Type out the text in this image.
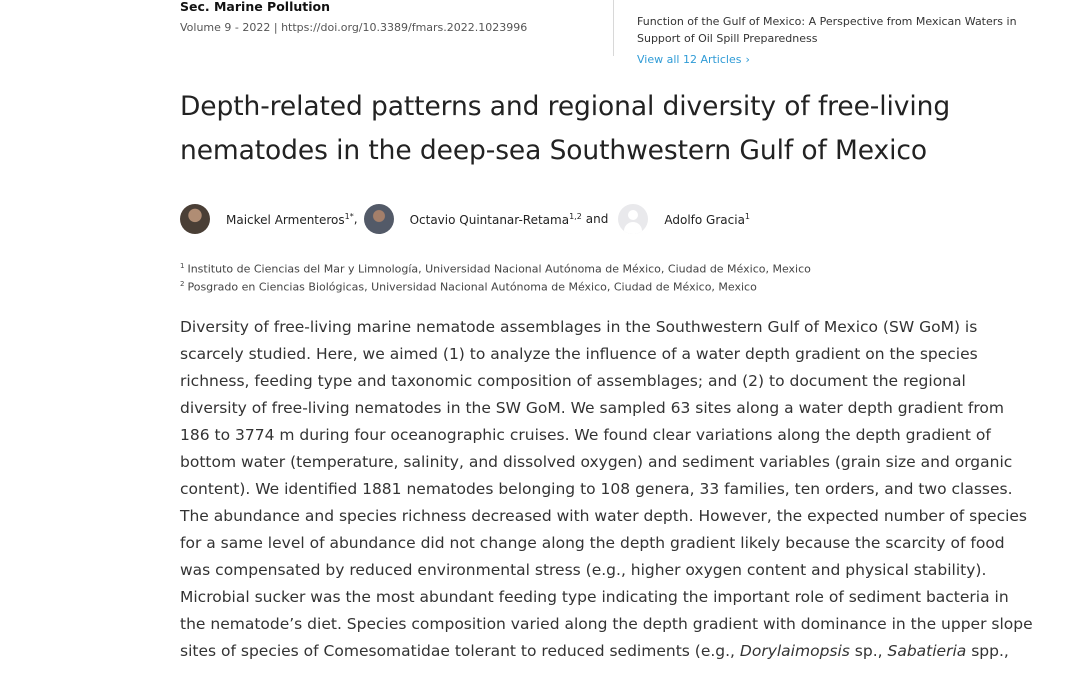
Sec. Marine Pollution
Volume 9 - 2022 | https://doi.org/10.3389/fmars.2022.1023996	Function of the Gulf of Mexico: A Perspective from Mexican Waters in
Support of Oil Spill Preparedness
View all 12 Articles ›
Depth-related patterns and regional diversity of free-living nematodes in the deep-sea Southwestern Gulf of Mexico
Maickel Armenteros$^{1*}$ ,	Octavio Quintanar-Retama$^{1,2}$ and	Adolfo Gracia$^1$
$^1$ Instituto de Ciencias del Mar y Limnología, Universidad Nacional Autónoma de México, Ciudad de México, Mexico
$^2$ Posgrado en Ciencias Biológicas, Universidad Nacional Autónoma de México, Ciudad de México, Mexico

Diversity of free-living marine nematode assemblages in the Southwestern Gulf of Mexico (SW GoM) is
scarcely studied. Here, we aimed (1) to analyze the influence of a water depth gradient on the species
richness, feeding type and taxonomic composition of assemblages; and (2) to document the regional
diversity of free-living nematodes in the SW GoM. We sampled 63 sites along a water depth gradient from
186 to 3774 m during four oceanographic cruises. We found clear variations along the depth gradient of
bottom water (temperature, salinity, and dissolved oxygen) and sediment variables (grain size and organic
content). We identified 1881 nematodes belonging to 108 genera, 33 families, ten orders, and two classes.
The abundance and species richness decreased with water depth. However, the expected number of species
for a same level of abundance did not change along the depth gradient likely because the scarcity of food
was compensated by reduced environmental stress (e.g., higher oxygen content and physical stability).
Microbial sucker was the most abundant feeding type indicating the important role of sediment bacteria in
the nematode’s diet. Species composition varied along the depth gradient with dominance in the upper slope
sites of species of Comesomatidae tolerant to reduced sediments (e.g., Dorylaimopsis sp., Sabatieria spp.,
